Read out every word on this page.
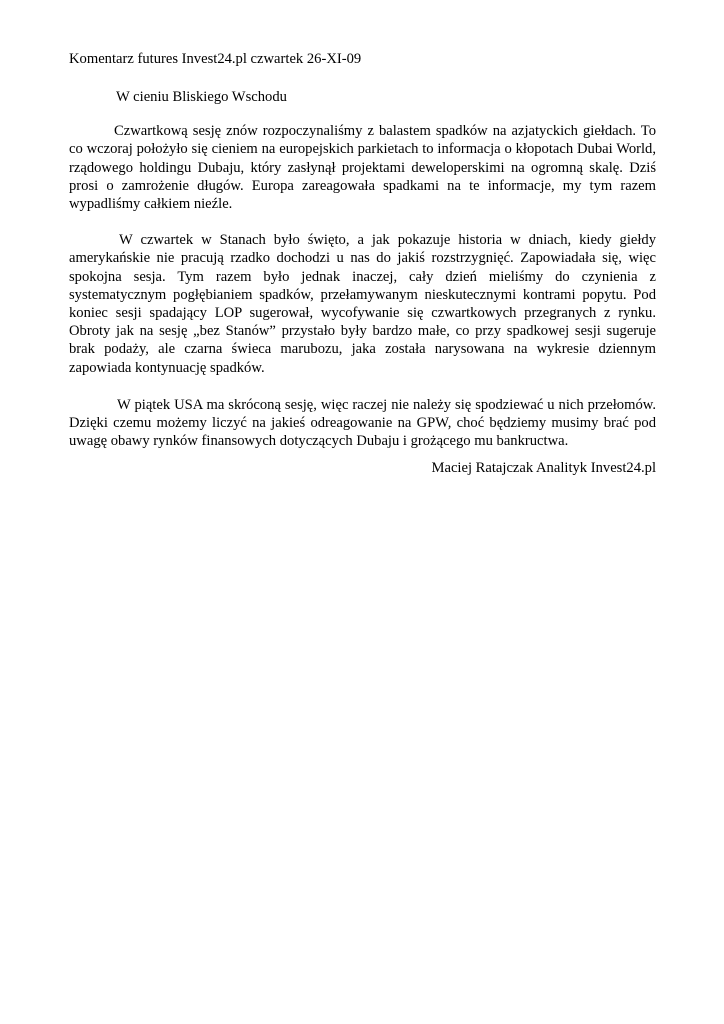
Komentarz futures Invest24.pl czwartek 26-XI-09

W cieniu Bliskiego Wschodu

Czwartkową sesję znów rozpoczynaliśmy z balastem spadków na azjatyckich giełdach. To co wczoraj położyło się cieniem na europejskich parkietach to informacja o kłopotach Dubai World, rządowego holdingu Dubaju, który zasłynął projektami deweloperskimi na ogromną skalę. Dziś prosi o zamrożenie długów. Europa zareagowała spadkami na te informacje, my tym razem wypadliśmy całkiem nieźle.

W czwartek w Stanach było święto, a jak pokazuje historia w dniach, kiedy giełdy amerykańskie nie pracują rzadko dochodzi u nas do jakiś rozstrzygnięć. Zapowiadała się, więc spokojna sesja. Tym razem było jednak inaczej, cały dzień mieliśmy do czynienia z systematycznym pogłębianiem spadków, przełamywanym nieskutecznymi kontrami popytu. Pod koniec sesji spadający LOP sugerował, wycofywanie się czwartkowych przegranych z rynku. Obroty jak na sesję „bez Stanów” przystało były bardzo małe, co przy spadkowej sesji sugeruje brak podaży, ale czarna świeca marubozu, jaka została narysowana na wykresie dziennym zapowiada kontynuację spadków.

W piątek USA ma skróconą sesję, więc raczej nie należy się spodziewać u nich przełomów. Dzięki czemu możemy liczyć na jakieś odreagowanie na GPW, choć będziemy musimy brać pod uwagę obawy rynków finansowych dotyczących Dubaju i grożącego mu bankructwa.

Maciej Ratajczak Analityk Invest24.pl
